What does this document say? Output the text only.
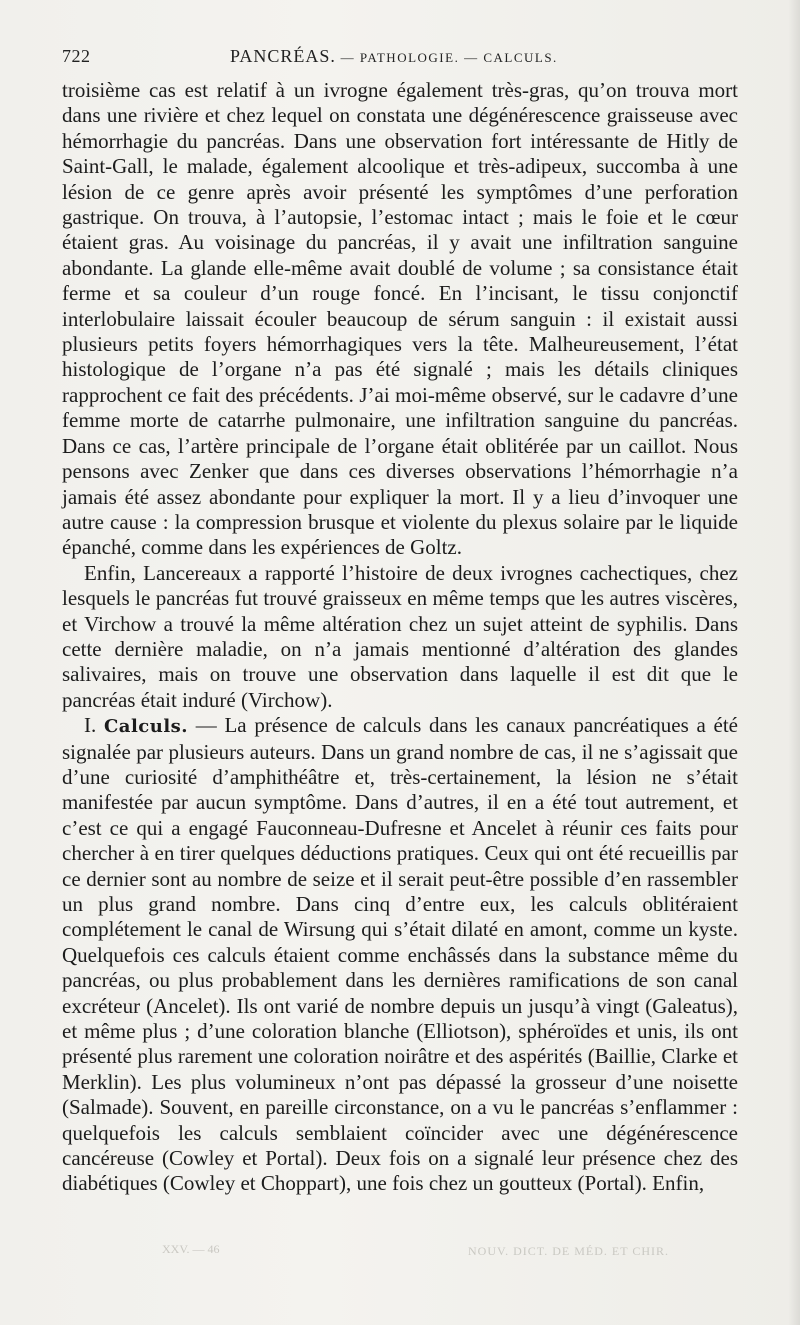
722	PANCRÉAS. — PATHOLOGIE. — CALCULS.

troisième cas est relatif à un ivrogne également très-gras, qu’on trouva mort dans une rivière et chez lequel on constata une dégénérescence graisseuse avec hémorrhagie du pancréas. Dans une observation fort intéressante de Hitly de Saint-Gall, le malade, également alcoolique et très-adipeux, succomba à une lésion de ce genre après avoir présenté les symptômes d’une perforation gastrique. On trouva, à l’autopsie, l’estomac intact ; mais le foie et le cœur étaient gras. Au voisinage du pancréas, il y avait une infiltration sanguine abondante. La glande elle-même avait doublé de volume ; sa consistance était ferme et sa couleur d’un rouge foncé. En l’incisant, le tissu conjonctif interlobulaire laissait écouler beaucoup de sérum sanguin : il existait aussi plusieurs petits foyers hémorrhagiques vers la tête. Malheureusement, l’état histologique de l’organe n’a pas été signalé ; mais les détails cliniques rapprochent ce fait des précédents. J’ai moi-même observé, sur le cadavre d’une femme morte de catarrhe pulmonaire, une infiltration sanguine du pancréas. Dans ce cas, l’artère principale de l’organe était oblitérée par un caillot. Nous pensons avec Zenker que dans ces diverses observations l’hémorrhagie n’a jamais été assez abondante pour expliquer la mort. Il y a lieu d’invoquer une autre cause : la compression brusque et violente du plexus solaire par le liquide épanché, comme dans les expériences de Goltz.

Enfin, Lancereaux a rapporté l’histoire de deux ivrognes cachectiques, chez lesquels le pancréas fut trouvé graisseux en même temps que les autres viscères, et Virchow a trouvé la même altération chez un sujet atteint de syphilis. Dans cette dernière maladie, on n’a jamais mentionné d’altération des glandes salivaires, mais on trouve une observation dans laquelle il est dit que le pancréas était induré (Virchow).

I. Calculs. — La présence de calculs dans les canaux pancréatiques a été signalée par plusieurs auteurs. Dans un grand nombre de cas, il ne s’agissait que d’une curiosité d’amphithéâtre et, très-certainement, la lésion ne s’était manifestée par aucun symptôme. Dans d’autres, il en a été tout autrement, et c’est ce qui a engagé Fauconneau-Dufresne et Ancelet à réunir ces faits pour chercher à en tirer quelques déductions pratiques. Ceux qui ont été recueillis par ce dernier sont au nombre de seize et il serait peut-être possible d’en rassembler un plus grand nombre. Dans cinq d’entre eux, les calculs oblitéraient complétement le canal de Wirsung qui s’était dilaté en amont, comme un kyste. Quelquefois ces calculs étaient comme enchâssés dans la substance même du pancréas, ou plus probablement dans les dernières ramifications de son canal excréteur (Ancelet). Ils ont varié de nombre depuis un jusqu’à vingt (Galeatus), et même plus ; d’une coloration blanche (Elliotson), sphéroïdes et unis, ils ont présenté plus rarement une coloration noirâtre et des aspérités (Baillie, Clarke et Merklin). Les plus volumineux n’ont pas dépassé la grosseur d’une noisette (Salmade). Souvent, en pareille circonstance, on a vu le pancréas s’enflammer : quelquefois les calculs semblaient coïncider avec une dégénérescence cancéreuse (Cowley et Portal). Deux fois on a signalé leur présence chez des diabétiques (Cowley et Choppart), une fois chez un goutteux (Portal). Enfin,

XXV. — 46	NOUV. DICT. DE MÉD. ET CHIR.
